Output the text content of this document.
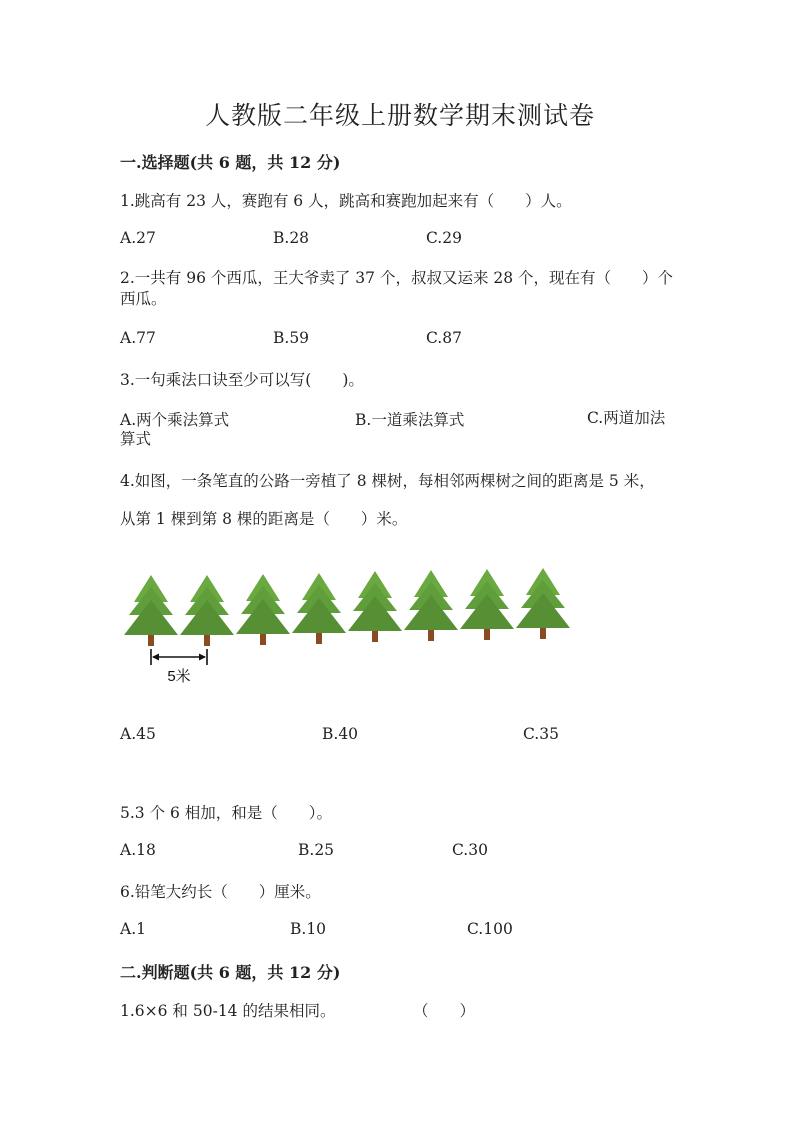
人教版二年级上册数学期末测试卷
一.选择题(共 6 题，共 12 分)
1.跳高有 23 人，赛跑有 6 人，跳高和赛跑加起来有（　　）人。
A.27	B.28	C.29
2.一共有 96 个西瓜，王大爷卖了 37 个，叔叔又运来 28 个，现在有（　　）个西瓜。
A.77	B.59	C.87
3.一句乘法口诀至少可以写(　　)。
A.两个乘法算式	B.一道乘法算式	C.两道加法算式
4.如图，一条笔直的公路一旁植了 8 棵树，每相邻两棵树之间的距离是 5 米，
从第 1 棵到第 8 棵的距离是（　　）米。
5米
A.45	B.40	C.35
5.3 个 6 相加，和是（　　）。
A.18	B.25	C.30
6.铅笔大约长（　　）厘米。
A.1	B.10	C.100
二.判断题(共 6 题，共 12 分)
1.6×6 和 50-14 的结果相同。	（　　）
